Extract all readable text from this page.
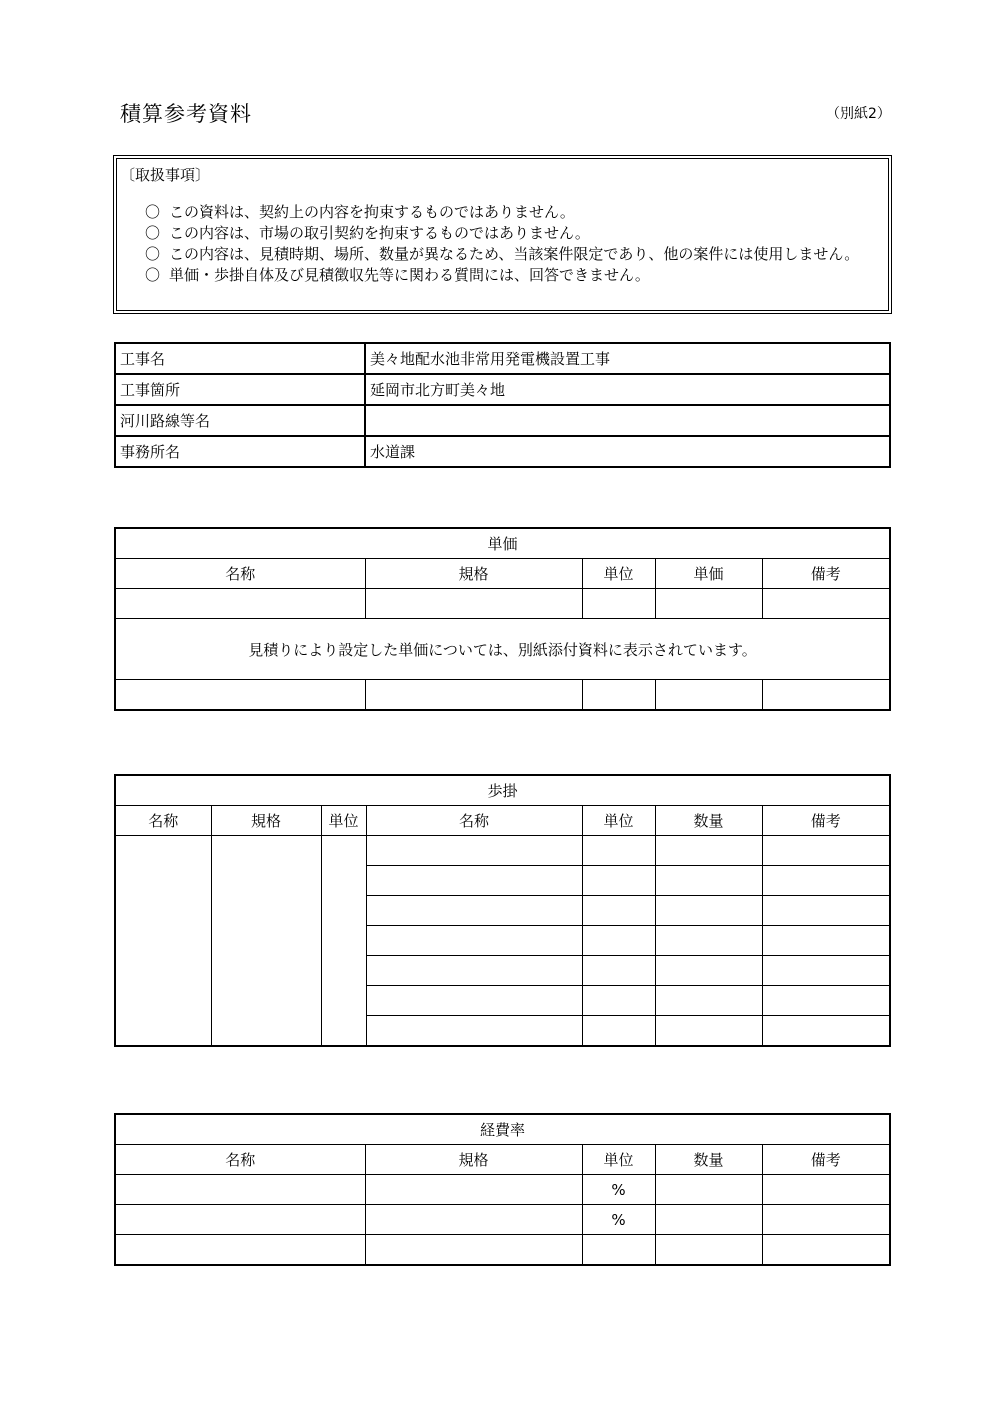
積算参考資料	（別紙2）
〔取扱事項〕
〇 この資料は、契約上の内容を拘束するものではありません。
〇 この内容は、市場の取引契約を拘束するものではありません。
〇 この内容は、見積時期、場所、数量が異なるため、当該案件限定であり、他の案件には使用しません。
〇 単価・歩掛自体及び見積徴収先等に関わる質問には、回答できません。
工事名	美々地配水池非常用発電機設置工事
工事箇所	延岡市北方町美々地
河川路線等名	
事務所名	水道課
単価				
名称	規格	単位	単価	備考

見積りにより設定した単価については、別紙添付資料に表示されています。				

歩掛						
名称	規格	単位	名称	単位	数量	備考

経費率				
名称	規格	単位	数量	備考
		%		
		%		
